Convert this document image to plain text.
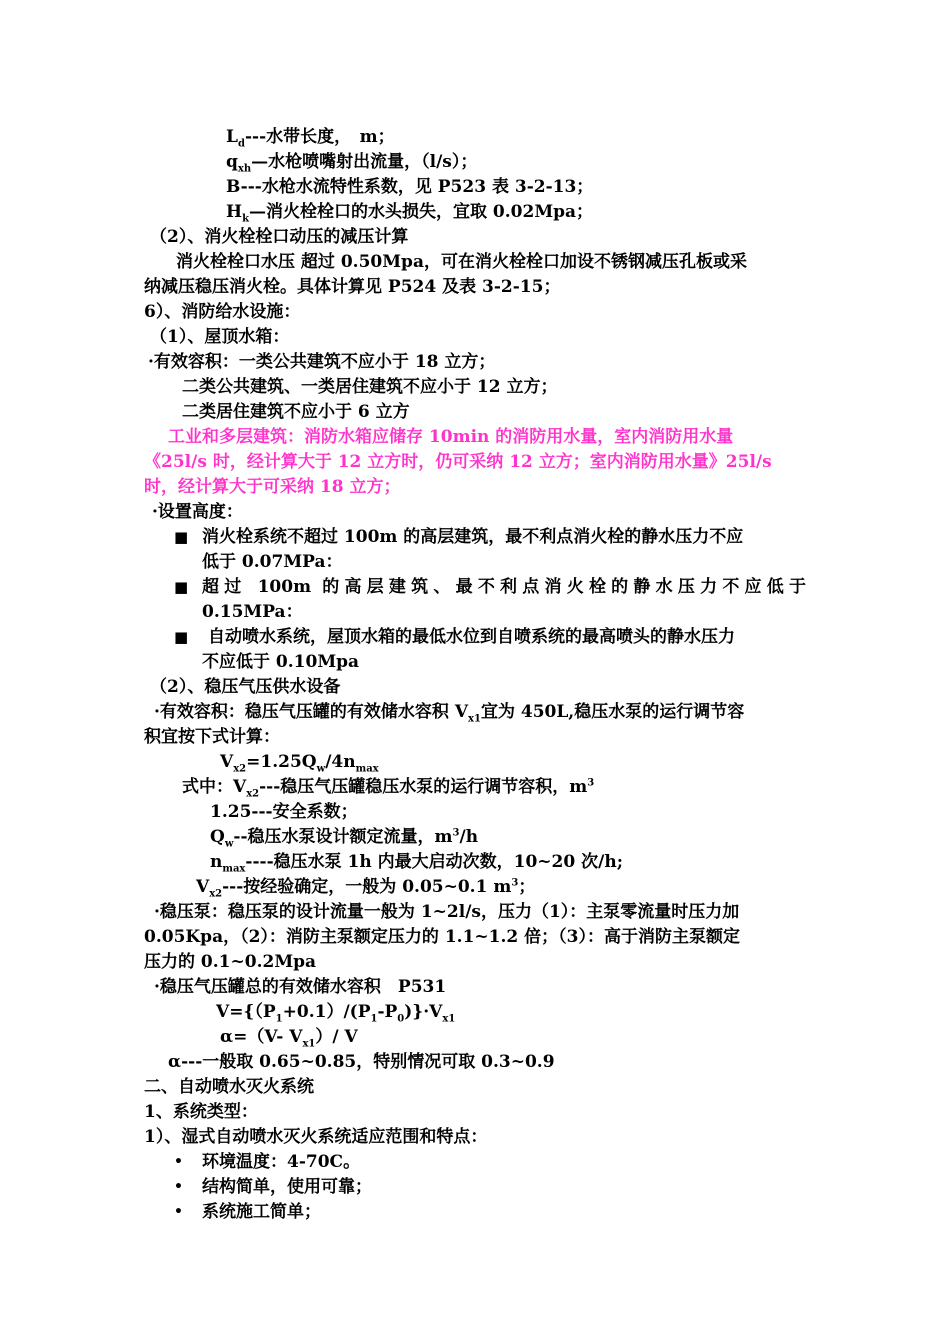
$L_d---$水带长度，　m；
$q_{xh}—$水枪喷嘴射出流量，（l/s）；
B---水枪水流特性系数，见 P523 表 3-2-13；
$H_k—$消火栓栓口的水头损失，宜取 0.02Mpa；
（2）、消火栓栓口动压的减压计算
消火栓栓口水压 超过 0.50Mpa，可在消火栓栓口加设不锈钢减压孔板或采
纳减压稳压消火栓。具体计算见 P524 及表 3-2-15；
6）、消防给水设施：
（1）、屋顶水箱：
·有效容积：一类公共建筑不应小于 18 立方；
二类公共建筑、一类居住建筑不应小于 12 立方；
二类居住建筑不应小于 6 立方
工业和多层建筑：消防水箱应储存 10min 的消防用水量，室内消防用水量
《25l/s 时，经计算大于 12 立方时，仍可采纳 12 立方；室内消防用水量》25l/s
时，经计算大于可采纳 18 立方；
·设置高度：
■ 消火栓系统不超过 100m 的高层建筑，最不利点消火栓的静水压力不应
低于 0.07MPa：
■ 超过 100m 的高层建筑、最不利点消火栓的静水压力不应低于
0.15MPa：
■ 自动喷水系统，屋顶水箱的最低水位到自喷系统的最高喷头的静水压力
不应低于 0.10Mpa
（2）、稳压气压供水设备
·有效容积：稳压气压罐的有效储水容积 $V_{x1}$宜为 450L,稳压水泵的运行调节容
积宜按下式计算：
$V_{x2}=1.25Q_w/4n_{max}$
式中：$V_{x2}---$稳压气压罐稳压水泵的运行调节容积，$m^3$
1.25---安全系数；
$Q_w--$稳压水泵设计额定流量，$m^3/h$
$n_{max}----$稳压水泵 1h 内最大启动次数，10~20 次/h;
$V_{x2}---$按经验确定，一般为 0.05~0.1 $m^3$；
·稳压泵：稳压泵的设计流量一般为 1~2l/s，压力（1）：主泵零流量时压力加
0.05Kpa，（2）：消防主泵额定压力的 1.1~1.2 倍；（3）：高于消防主泵额定
压力的 0.1~0.2Mpa
·稳压气压罐总的有效储水容积　P531
$V=\{(P_1+0.1)/(P_1-P_0)\}\cdot V_{x1}$
α=（V- $V_{x1})/$ V
α---一般取 0.65~0.85，特别情况可取 0.3~0.9
二、自动喷水灭火系统
1、系统类型：
1）、湿式自动喷水灭火系统适应范围和特点：
• 环境温度：4-70C。
• 结构简单，使用可靠；
• 系统施工简单；
